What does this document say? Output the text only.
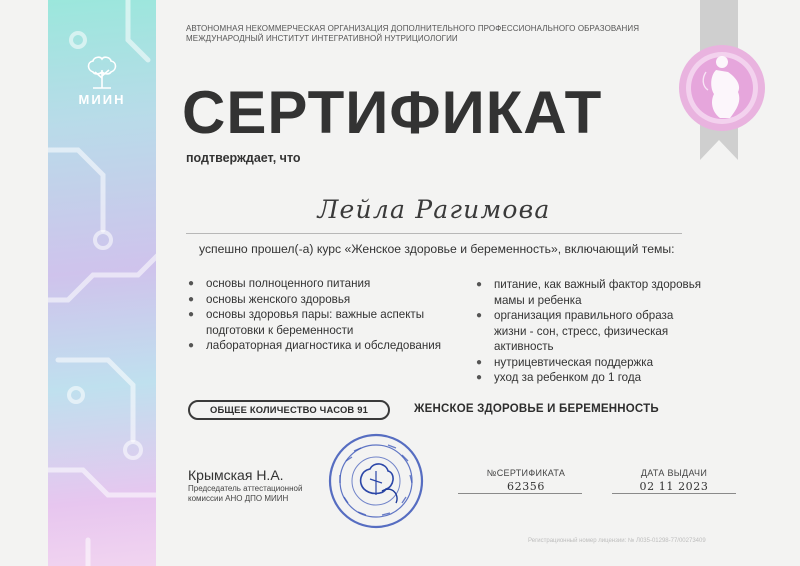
МИИН
АВТОНОМНАЯ НЕКОММЕРЧЕСКАЯ ОРГАНИЗАЦИЯ ДОПОЛНИТЕЛЬНОГО ПРОФЕССИОНАЛЬНОГО ОБРАЗОВАНИЯ
МЕЖДУНАРОДНЫЙ ИНСТИТУТ ИНТЕГРАТИВНОЙ НУТРИЦИОЛОГИИ
СЕРТИФИКАТ
подтверждает, что
Лейла Рагимова
успешно прошел(-а) курс «Женское здоровье и беременность», включающий темы:
● основы полноценного питания
● основы женского здоровья
● основы здоровья пары: важные аспекты подготовки к беременности
● лабораторная диагностика и обследования
● питание, как важный фактор здоровья мамы и ребенка
● организация правильного образа жизни - сон, стресс, физическая активность
● нутрицевтическая поддержка
● уход за ребенком до 1 года
ОБЩЕЕ КОЛИЧЕСТВО ЧАСОВ 91	ЖЕНСКОЕ ЗДОРОВЬЕ И БЕРЕМЕННОСТЬ
Крымская Н.А.
Председатель аттестационной комиссии АНО ДПО МИИН
№СЕРТИФИКАТА
62356
ДАТА ВЫДАЧИ
02 11 2023
Регистрационный номер лицензии: № Л035-01298-77/00273409
